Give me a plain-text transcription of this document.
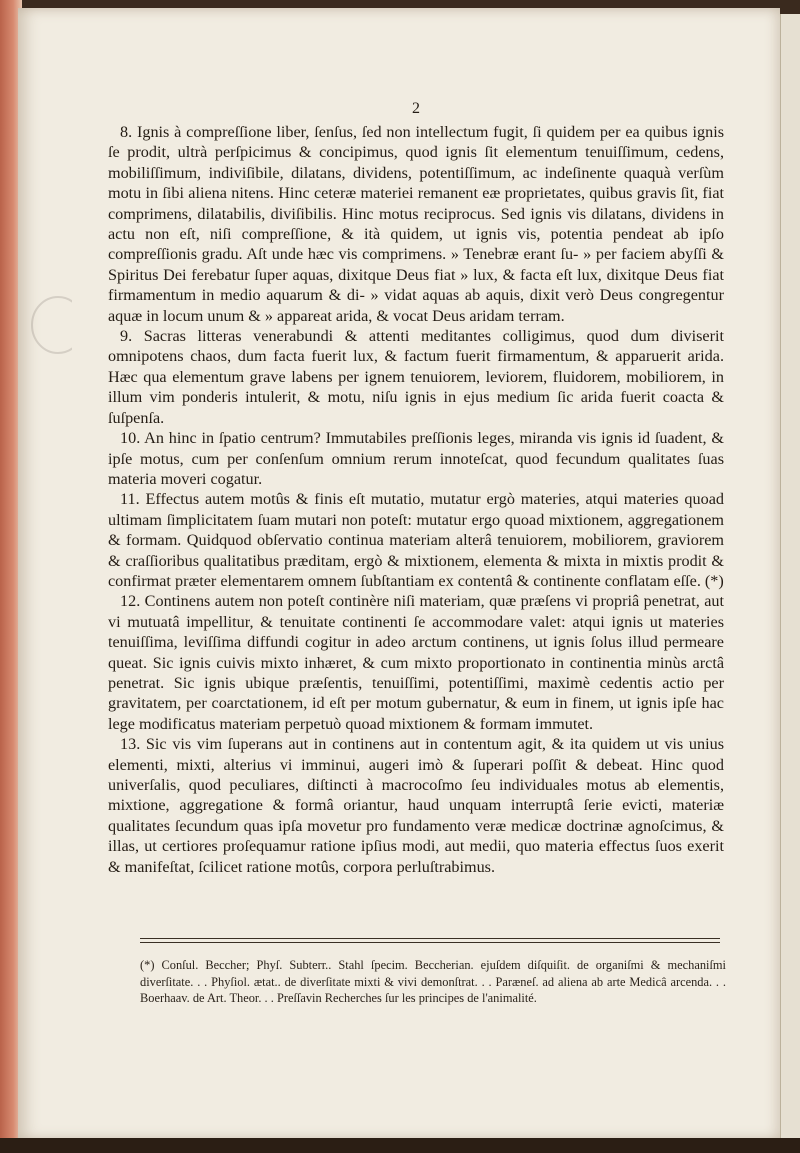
2

8. Ignis à compreſſione liber, ſenſus, ſed non intellectum fugit, ſi quidem per ea quibus ignis ſe prodit, ultrà perſpicimus & concipimus, quod ignis ſit elementum tenuiſſimum, cedens, mobiliſſimum, indiviſibile, dilatans, dividens, potentiſſimum, ac indeſinente quaquà verſùm motu in ſibi aliena nitens. Hinc ceteræ materiei remanent eæ proprietates, quibus gravis ſit, fiat comprimens, dilatabilis, diviſibilis. Hinc motus reciprocus. Sed ignis vis dilatans, dividens in actu non eſt, niſi compreſſione, & ità quidem, ut ignis vis, potentia pendeat ab ipſo compreſſionis gradu. Aſt unde hæc vis comprimens. » Tenebræ erant ſu- » per faciem abyſſi & Spiritus Dei ferebatur ſuper aquas, dixitque Deus fiat » lux, & facta eſt lux, dixitque Deus fiat firmamentum in medio aquarum & di- » vidat aquas ab aquis, dixit verò Deus congregentur aquæ in locum unum & » appareat arida, & vocat Deus aridam terram.

9. Sacras litteras venerabundi & attenti meditantes colligimus, quod dum diviserit omnipotens chaos, dum facta fuerit lux, & factum fuerit firmamentum, & apparuerit arida. Hæc qua elementum grave labens per ignem tenuiorem, leviorem, fluidorem, mobiliorem, in illum vim ponderis intulerit, & motu, niſu ignis in ejus medium ſic arida fuerit coacta & ſuſpenſa.

10. An hinc in ſpatio centrum? Immutabiles preſſionis leges, miranda vis ignis id ſuadent, & ipſe motus, cum per conſenſum omnium rerum innoteſcat, quod fecundum qualitates ſuas materia moveri cogatur.

11. Effectus autem motûs & finis eſt mutatio, mutatur ergò materies, atqui materies quoad ultimam ſimplicitatem ſuam mutari non poteſt: mutatur ergo quoad mixtionem, aggregationem & formam. Quidquod obſervatio continua materiam alterâ tenuiorem, mobiliorem, graviorem & craſſioribus qualitatibus præditam, ergò & mixtionem, elementa & mixta in mixtis prodit & confirmat præter elementarem omnem ſubſtantiam ex contentâ & continente conflatam eſſe. (*)

12. Continens autem non poteſt continère niſi materiam, quæ præſens vi propriâ penetrat, aut vi mutuatâ impellitur, & tenuitate continenti ſe accommodare valet: atqui ignis ut materies tenuiſſima, leviſſima diffundi cogitur in adeo arctum continens, ut ignis ſolus illud permeare queat. Sic ignis cuivis mixto inhæret, & cum mixto proportionato in continentia minùs arctâ penetrat. Sic ignis ubique præſentis, tenuiſſimi, potentiſſimi, maximè cedentis actio per gravitatem, per coarctationem, id eſt per motum gubernatur, & eum in finem, ut ignis ipſe hac lege modificatus materiam perpetuò quoad mixtionem & formam immutet.

13. Sic vis vim ſuperans aut in continens aut in contentum agit, & ita quidem ut vis unius elementi, mixti, alterius vi imminui, augeri imò & ſuperari poſſit & debeat. Hinc quod univerſalis, quod peculiares, diſtincti à macrocoſmo ſeu individuales motus ab elementis, mixtione, aggregatione & formâ oriantur, haud unquam interruptâ ſerie evicti, materiæ qualitates ſecundum quas ipſa movetur pro fundamento veræ medicæ doctrinæ agnoſcimus, & illas, ut certiores proſequamur ratione ipſius modi, aut medii, quo materia effectus ſuos exerit & manifeſtat, ſcilicet ratione motûs, corpora perluſtrabimus.

(*) Conſul. Beccher; Phyſ. Subterr.. Stahl ſpecim. Beccherian. ejuſdem diſquiſit. de organiſmi & mechaniſmi diverſitate. . . Phyſiol. ætat.. de diverſitate mixti & vivi demonſtrat. . . Paræneſ. ad aliena ab arte Medicâ arcenda. . . Boerhaav. de Art. Theor. . . Preſſavin Recherches ſur les principes de l'animalité.
